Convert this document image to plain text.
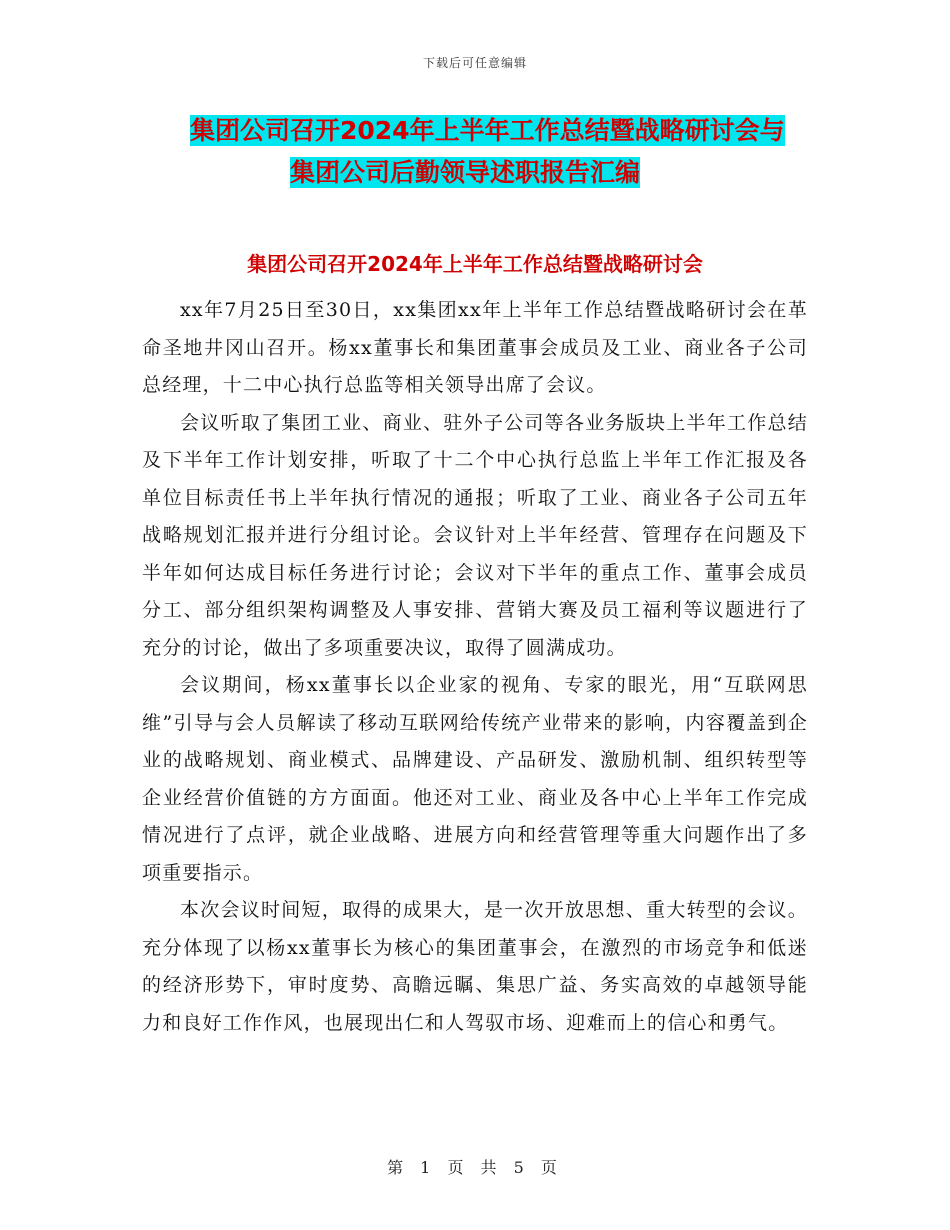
下载后可任意编辑
集团公司召开2024年上半年工作总结暨战略研讨会与
集团公司后勤领导述职报告汇编
集团公司召开2024年上半年工作总结暨战略研讨会

xx年7月25日至30日，xx集团xx年上半年工作总结暨战略研讨会在革命圣地井冈山召开。杨xx董事长和集团董事会成员及工业、商业各子公司总经理，十二中心执行总监等相关领导出席了会议。

会议听取了集团工业、商业、驻外子公司等各业务版块上半年工作总结及下半年工作计划安排，听取了十二个中心执行总监上半年工作汇报及各单位目标责任书上半年执行情况的通报；听取了工业、商业各子公司五年战略规划汇报并进行分组讨论。会议针对上半年经营、管理存在问题及下半年如何达成目标任务进行讨论；会议对下半年的重点工作、董事会成员分工、部分组织架构调整及人事安排、营销大赛及员工福利等议题进行了充分的讨论，做出了多项重要决议，取得了圆满成功。

会议期间，杨xx董事长以企业家的视角、专家的眼光，用“互联网思维”引导与会人员解读了移动互联网给传统产业带来的影响，内容覆盖到企业的战略规划、商业模式、品牌建设、产品研发、激励机制、组织转型等企业经营价值链的方方面面。他还对工业、商业及各中心上半年工作完成情况进行了点评，就企业战略、进展方向和经营管理等重大问题作出了多项重要指示。

本次会议时间短，取得的成果大，是一次开放思想、重大转型的会议。充分体现了以杨xx董事长为核心的集团董事会，在激烈的市场竞争和低迷的经济形势下，审时度势、高瞻远瞩、集思广益、务实高效的卓越领导能力和良好工作作风，也展现出仁和人驾驭市场、迎难而上的信心和勇气。

第 1 页 共 5 页
